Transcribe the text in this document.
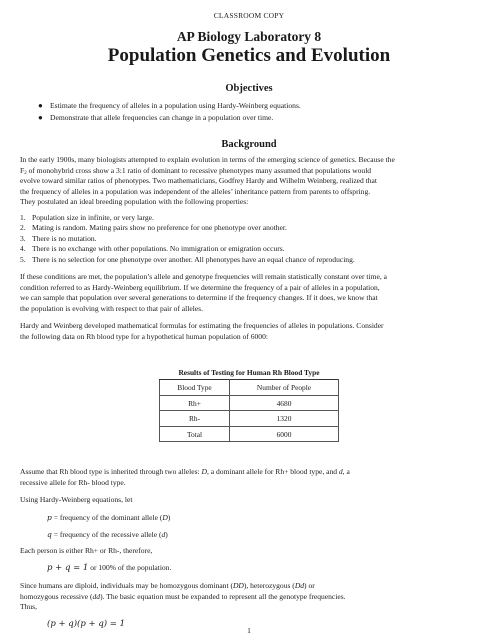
CLASSROOM COPY
AP Biology Laboratory 8
Population Genetics and Evolution
Objectives
● Estimate the frequency of alleles in a population using Hardy-Weinberg equations.
● Demonstrate that allele frequencies can change in a population over time.
Background

In the early 1900s, many biologists attempted to explain evolution in terms of the emerging science of genetics. Because the

$F_2$ of monohybrid cross show a 3:1 ratio of dominant to recessive phenotypes many assumed that populations would

evolve toward similar ratios of phenotypes. Two mathematicians, Godfrey Hardy and Wilhelm Weinberg, realized that

the frequency of alleles in a population was independent of the alleles’ inheritance pattern from parents to offspring.

They postulated an ideal breeding population with the following properties:

1. Population size in infinite, or very large.
2. Mating is random. Mating pairs show no preference for one phenotype over another.
3. There is no mutation.
4. There is no exchange with other populations. No immigration or emigration occurs.
5. There is no selection for one phenotype over another. All phenotypes have an equal chance of reproducing.

If these conditions are met, the population’s allele and genotype frequencies will remain statistically constant over time, a

condition referred to as Hardy-Weinberg equilibrium. If we determine the frequency of a pair of alleles in a population,

we can sample that population over several generations to determine if the frequency changes. If it does, we know that

the population is evolving with respect to that pair of alleles.

Hardy and Weinberg developed mathematical formulas for estimating the frequencies of alleles in populations. Consider

the following data on Rh blood type for a hypothetical human population of 6000:

Results of Testing for Human Rh Blood Type
Blood Type	Number of People
Rh+	4680
Rh-	1320
Total	6000

Assume that Rh blood type is inherited through two alleles: D, a dominant allele for Rh+ blood type, and d, a

recessive allele for Rh- blood type.

Using Hardy-Weinberg equations, let

p = frequency of the dominant allele (D)

q = frequency of the recessive allele (d)

Each person is either Rh+ or Rh-, therefore,

p + q = 1 or 100% of the population.

Since humans are diploid, individuals may be homozygous dominant (DD), heterozygous (Dd) or

homozygous recessive (dd). The basic equation must be expanded to represent all the genotype frequencies.

Thus,

(p + q)(p + q) = 1

1
